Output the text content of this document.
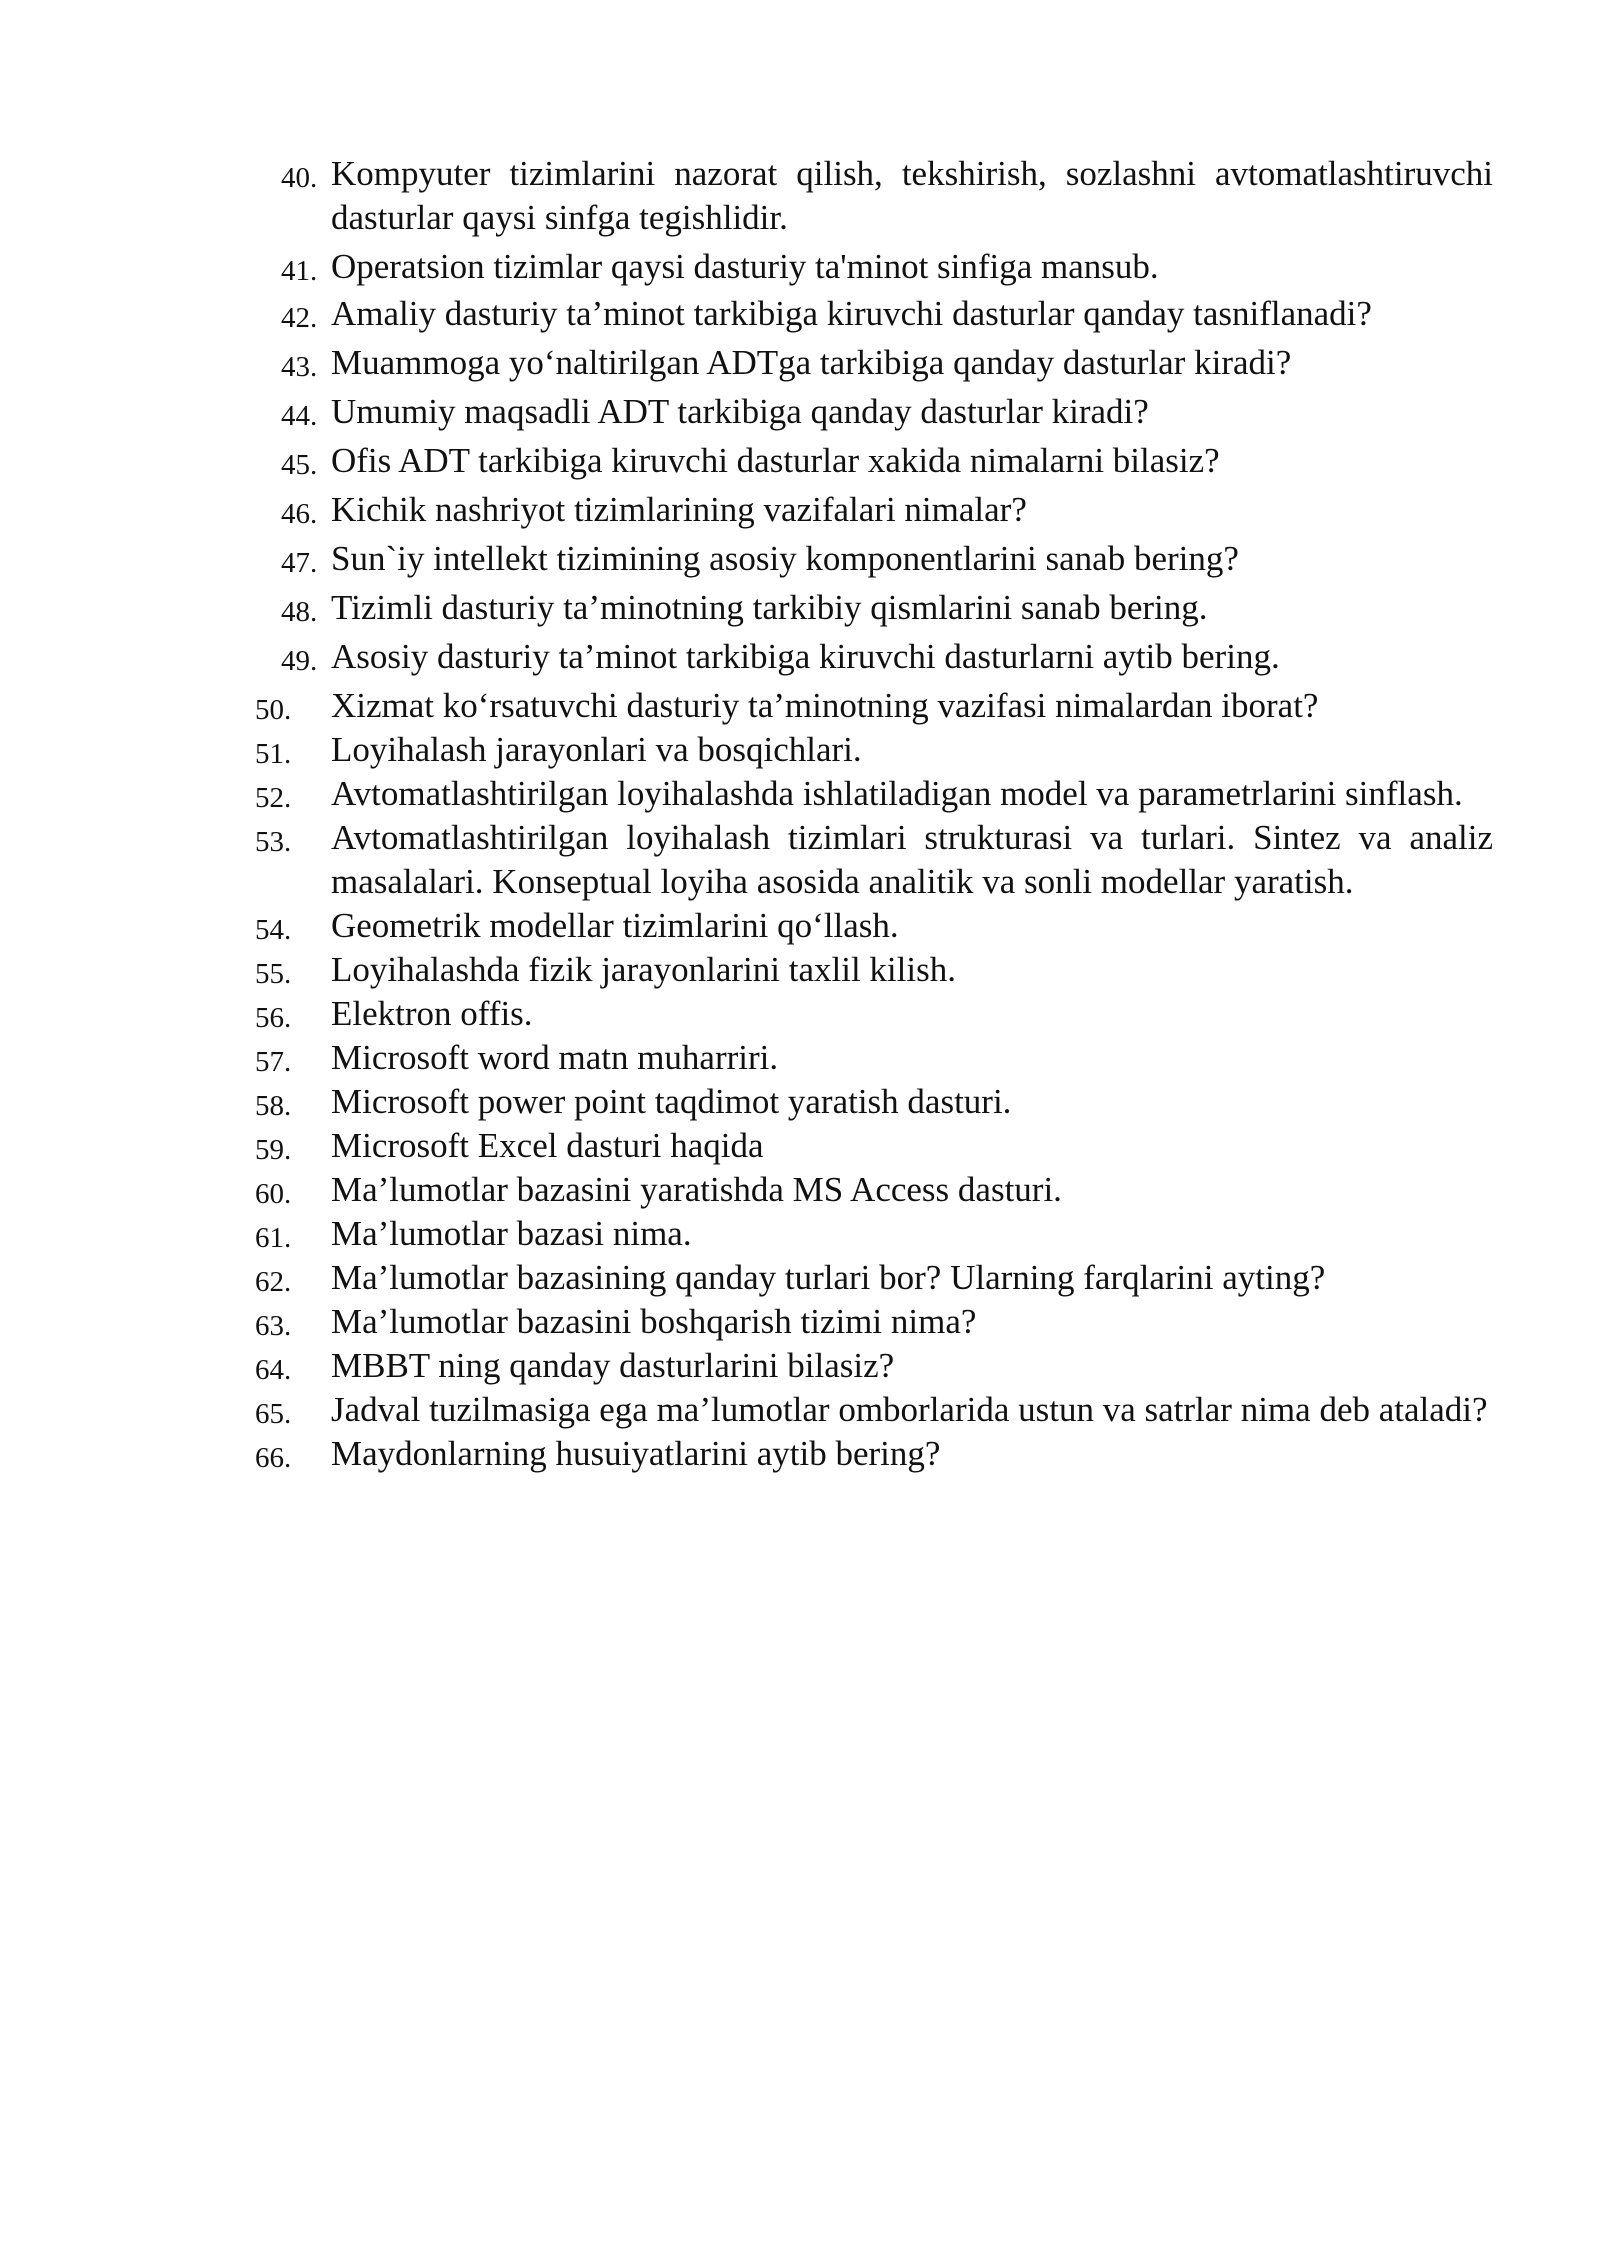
40. Kompyuter tizimlarini nazorat qilish, tekshirish, sozlashni avtomatlashtiruvchi dasturlar qaysi sinfga tegishlidir.
41. Operatsion tizimlar qaysi dasturiy ta'minot sinfiga mansub.
42. Amaliy dasturiy ta’minot tarkibiga kiruvchi dasturlar qanday tasniflanadi?
43. Muammoga yo‘naltirilgan ADTga tarkibiga qanday dasturlar kiradi?
44. Umumiy maqsadli ADT tarkibiga qanday dasturlar kiradi?
45. Ofis ADT tarkibiga kiruvchi dasturlar xakida nimalarni bilasiz?
46. Kichik nashriyot tizimlarining vazifalari nimalar?
47. Sun`iy intellekt tizimining asosiy komponentlarini sanab bering?
48. Tizimli dasturiy ta’minotning tarkibiy qismlarini sanab bering.
49. Asosiy dasturiy ta’minot tarkibiga kiruvchi dasturlarni aytib bering.
50. Xizmat ko‘rsatuvchi dasturiy ta’minotning vazifasi nimalardan iborat?
51. Loyihalash jarayonlari va bosqichlari.
52. Avtomatlashtirilgan loyihalashda ishlatiladigan model va parametrlarini sinflash.
53. Avtomatlashtirilgan loyihalash tizimlari strukturasi va turlari. Sintez va analiz masalalari. Konseptual loyiha asosida analitik va sonli modellar yaratish.
54. Geometrik modellar tizimlarini qo‘llash.
55. Loyihalashda fizik jarayonlarini taxlil kilish.
56. Elektron offis.
57. Microsoft word matn muharriri.
58. Microsoft power point taqdimot yaratish dasturi.
59. Microsoft Excel dasturi haqida
60. Ma’lumotlar bazasini yaratishda MS Access dasturi.
61. Ma’lumotlar bazasi nima.
62. Ma’lumotlar bazasining qanday turlari bor? Ularning farqlarini ayting?
63. Ma’lumotlar bazasini boshqarish tizimi nima?
64. MBBT ning qanday dasturlarini bilasiz?
65. Jadval tuzilmasiga ega ma’lumotlar omborlarida ustun va satrlar nima deb ataladi?
66. Maydonlarning husuiyatlarini aytib bering?
